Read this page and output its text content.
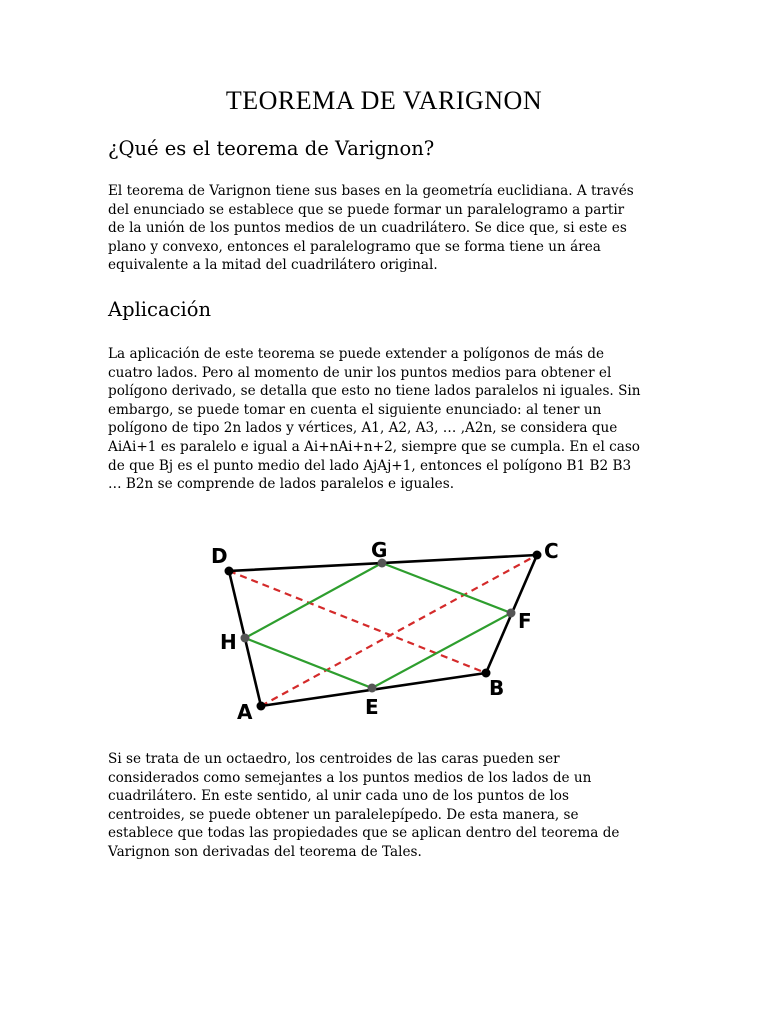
TEOREMA DE VARIGNON
¿Qué es el teorema de Varignon?
El teorema de Varignon tiene sus bases en la geometría euclidiana. A través
del enunciado se establece que se puede formar un paralelogramo a partir
de la unión de los puntos medios de un cuadrilátero. Se dice que, si este es
plano y convexo, entonces el paralelogramo que se forma tiene un área
equivalente a la mitad del cuadrilátero original.
Aplicación
La aplicación de este teorema se puede extender a polígonos de más de
cuatro lados. Pero al momento de unir los puntos medios para obtener el
polígono derivado, se detalla que esto no tiene lados paralelos ni iguales. Sin
embargo, se puede tomar en cuenta el siguiente enunciado: al tener un
polígono de tipo 2n lados y vértices, A1, A2, A3, … ,A2n, se considera que
AiAi+1 es paralelo e igual a Ai+nAi+n+2, siempre que se cumpla. En el caso
de que Bj es el punto medio del lado AjAj+1, entonces el polígono B1 B2 B3
… B2n se comprende de lados paralelos e iguales.
A
B
C
D
E
F
G
H
Si se trata de un octaedro, los centroides de las caras pueden ser
considerados como semejantes a los puntos medios de los lados de un
cuadrilátero. En este sentido, al unir cada uno de los puntos de los
centroides, se puede obtener un paralelepípedo. De esta manera, se
establece que todas las propiedades que se aplican dentro del teorema de
Varignon son derivadas del teorema de Tales.
